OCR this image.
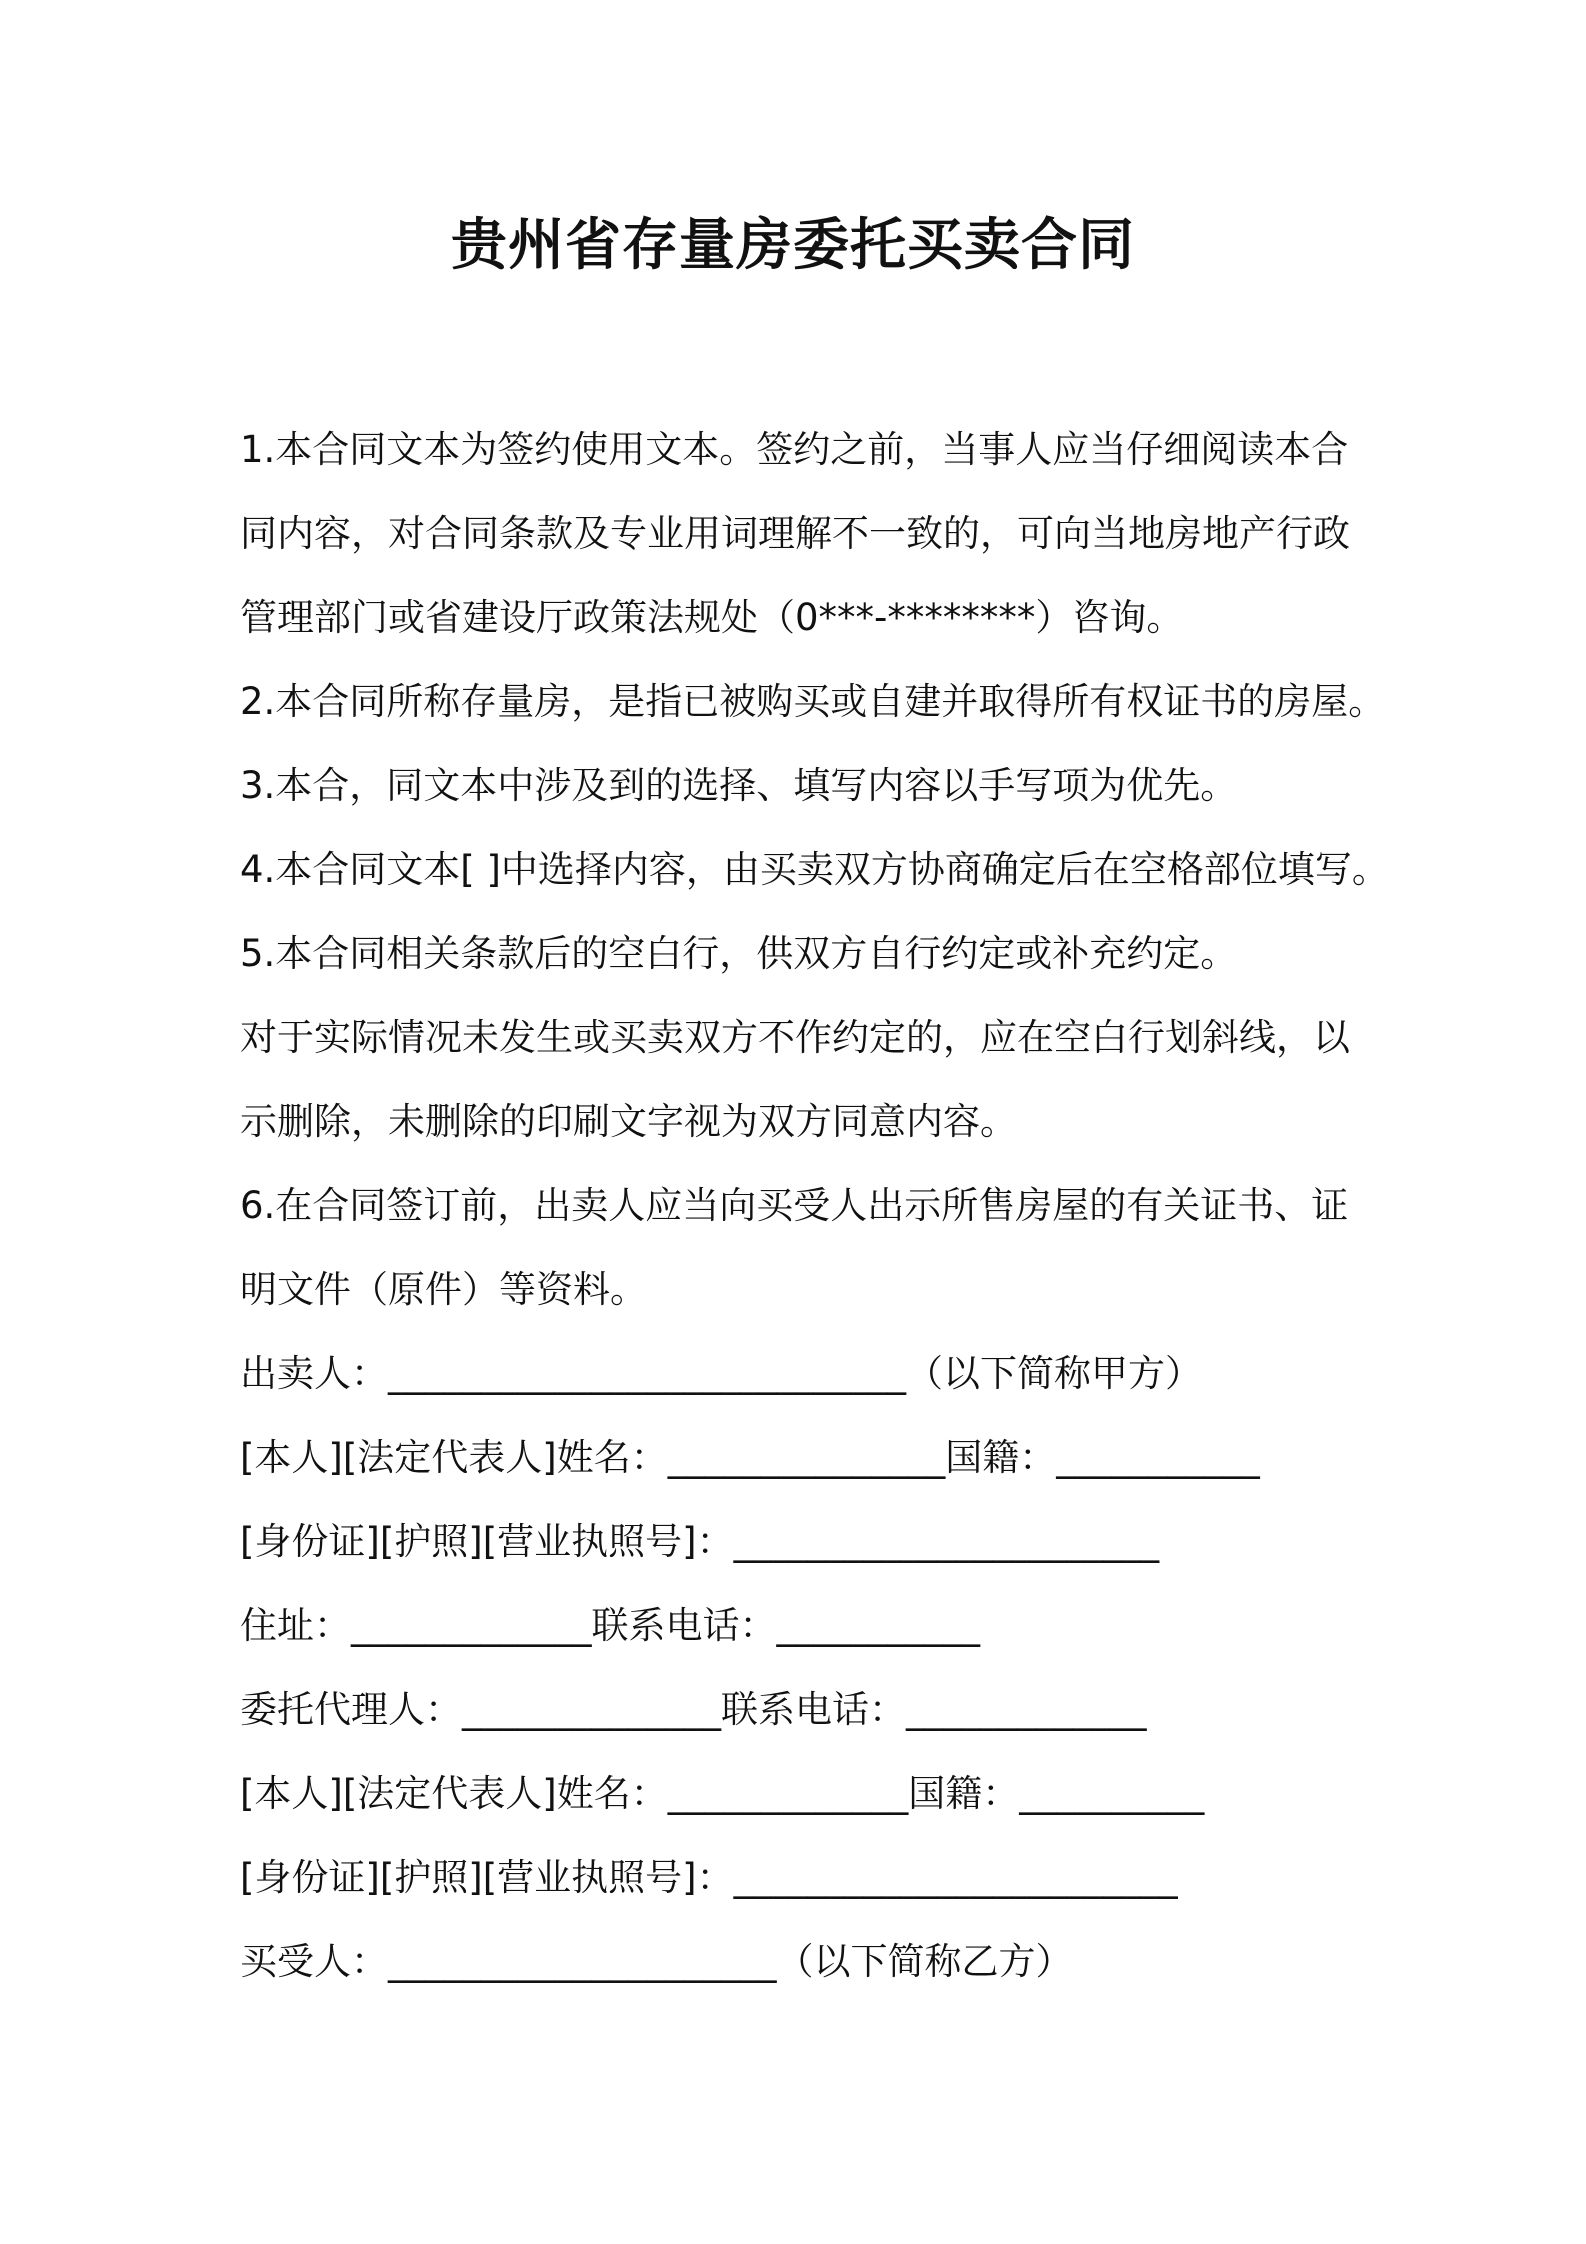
贵州省存量房委托买卖合同
1.本合同文本为签约使用文本。签约之前，当事人应当仔细阅读本合
同内容，对合同条款及专业用词理解不一致的，可向当地房地产行政
管理部门或省建设厅政策法规处（0***-********）咨询。
2.本合同所称存量房，是指已被购买或自建并取得所有权证书的房屋。
3.本合，同文本中涉及到的选择、填写内容以手写项为优先。
4.本合同文本[ ]中选择内容，由买卖双方协商确定后在空格部位填写。
5.本合同相关条款后的空白行，供双方自行约定或补充约定。
对于实际情况未发生或买卖双方不作约定的，应在空白行划斜线，以
示删除，未删除的印刷文字视为双方同意内容。
6.在合同签订前，出卖人应当向买受人出示所售房屋的有关证书、证
明文件（原件）等资料。
出卖人：____________________________（以下简称甲方）
[本人][法定代表人]姓名：_______________国籍：___________
[身份证][护照][营业执照号]：_______________________
住址：_____________联系电话：___________
委托代理人：______________联系电话：_____________
[本人][法定代表人]姓名：_____________国籍：__________
[身份证][护照][营业执照号]：________________________
买受人：_____________________（以下简称乙方）
